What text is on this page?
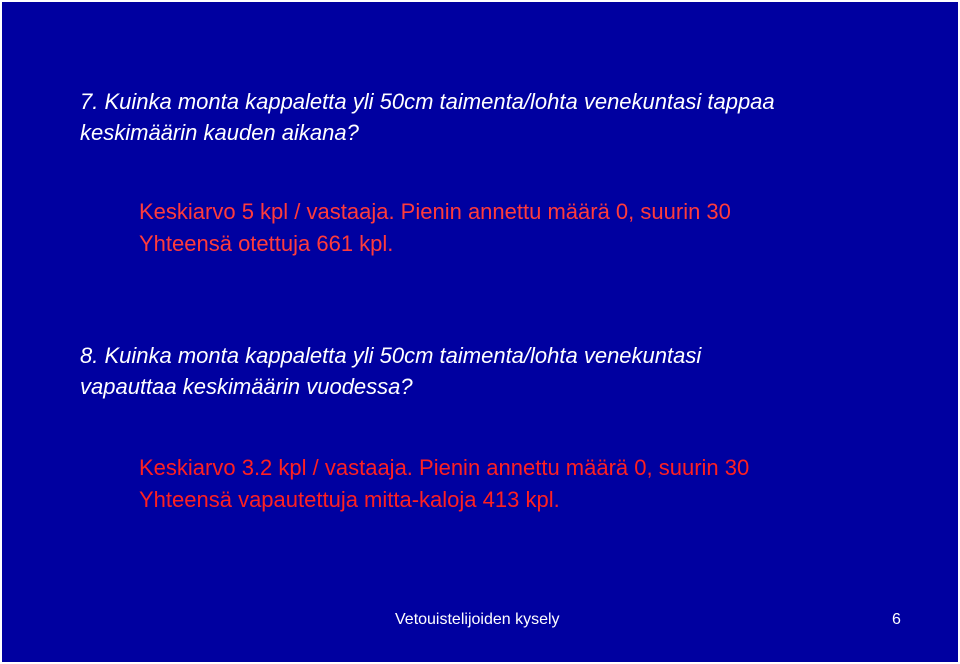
7. Kuinka monta kappaletta yli 50cm taimenta/lohta venekuntasi tappaa
keskimäärin kauden aikana?

Keskiarvo 5 kpl / vastaaja. Pienin annettu määrä 0, suurin 30
Yhteensä otettuja 661 kpl.

8. Kuinka monta kappaletta yli 50cm taimenta/lohta venekuntasi
vapauttaa keskimäärin vuodessa?

Keskiarvo 3.2 kpl / vastaaja. Pienin annettu määrä 0, suurin 30
Yhteensä vapautettuja mitta-kaloja 413 kpl.

Vetouistelijoiden kysely	6
